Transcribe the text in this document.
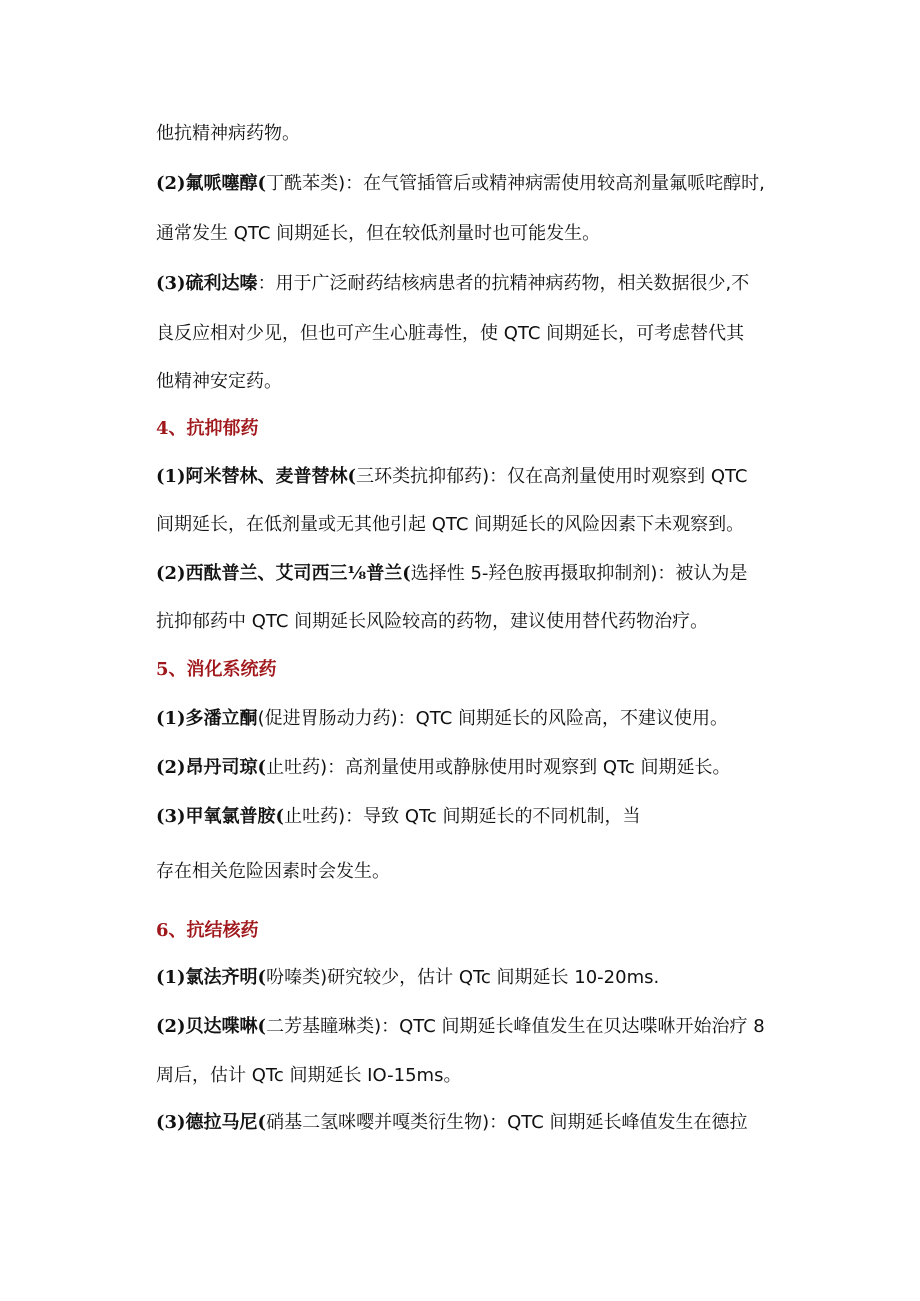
他抗精神病药物。
(2)氟哌噻醇(丁酰苯类)：在气管插管后或精神病需使用较高剂量氟哌咤醇时,
通常发生 QTC 间期延长，但在较低剂量时也可能发生。
(3)硫利达嗪：用于广泛耐药结核病患者的抗精神病药物，相关数据很少,不
良反应相对少见，但也可产生心脏毒性，使 QTC 间期延长，可考虑替代其
他精神安定药。
4、抗抑郁药
(1)阿米替林、麦普替林(三环类抗抑郁药)：仅在高剂量使用时观察到 QTC
间期延长，在低剂量或无其他引起 QTC 间期延长的风险因素下未观察到。
(2)西酞普兰、艾司西三⅛普兰(选择性 5-羟色胺再摄取抑制剂)：被认为是
抗抑郁药中 QTC 间期延长风险较高的药物，建议使用替代药物治疗。
5、消化系统药
(1)多潘立酮(促进胃肠动力药)：QTC 间期延长的风险高，不建议使用。
(2)昂丹司琼(止吐药)：高剂量使用或静脉使用时观察到 QTc 间期延长。
(3)甲氧氯普胺(止吐药)：导致 QTc 间期延长的不同机制，当
存在相关危险因素时会发生。
6、抗结核药
(1)氯法齐明(吩嗪类)研究较少，估计 QTc 间期延长 10-20ms.
(2)贝达喋啉(二芳基瞳琳类)：QTC 间期延长峰值发生在贝达喋咻开始治疗 8
周后，估计 QTc 间期延长 IO-15ms。
(3)德拉马尼(硝基二氢咪嘤并嘎类衍生物)：QTC 间期延长峰值发生在德拉
